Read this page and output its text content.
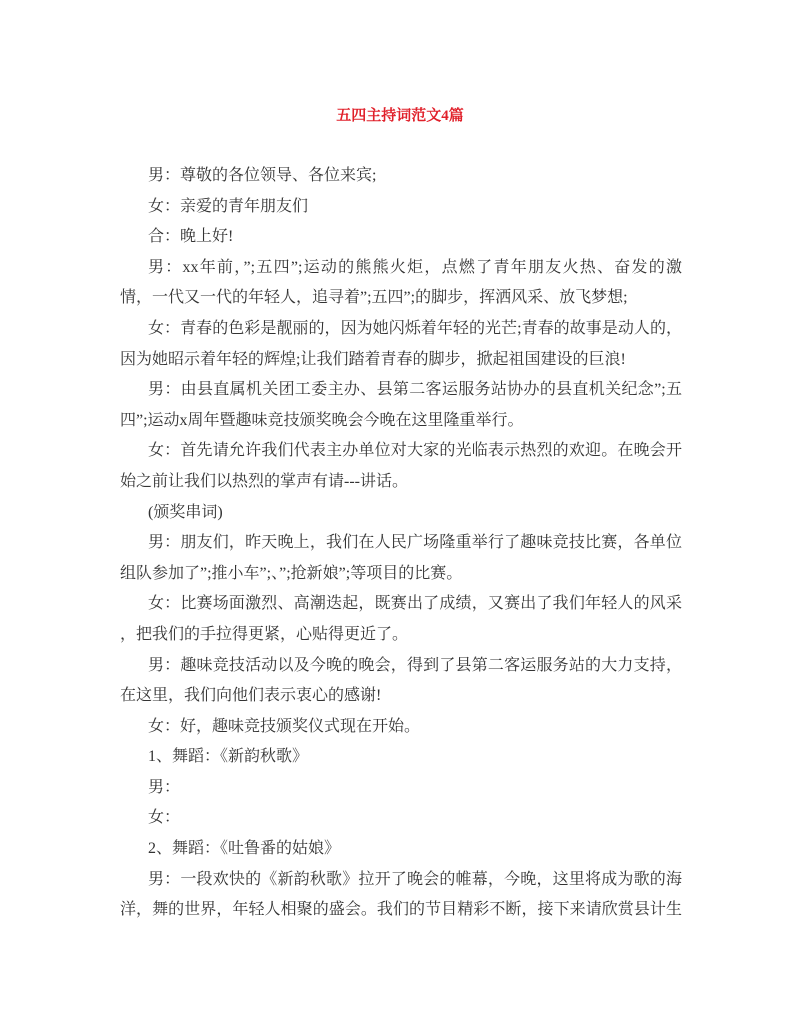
五四主持词范文4篇
男：尊敬的各位领导、各位来宾;
女：亲爱的青年朋友们
合：晚上好!
男：xx年前，”;五四”;运动的熊熊火炬，点燃了青年朋友火热、奋发的激
情，一代又一代的年轻人，追寻着”;五四”;的脚步，挥洒风采、放飞梦想;
女：青春的色彩是靓丽的，因为她闪烁着年轻的光芒;青春的故事是动人的，
因为她昭示着年轻的辉煌;让我们踏着青春的脚步，掀起祖国建设的巨浪!
男：由县直属机关团工委主办、县第二客运服务站协办的县直机关纪念”;五
四”;运动x周年暨趣味竞技颁奖晚会今晚在这里隆重举行。
女：首先请允许我们代表主办单位对大家的光临表示热烈的欢迎。在晚会开
始之前让我们以热烈的掌声有请---讲话。
(颁奖串词)
男：朋友们，昨天晚上，我们在人民广场隆重举行了趣味竞技比赛，各单位
组队参加了”;推小车”;、”;抢新娘”;等项目的比赛。
女：比赛场面激烈、高潮迭起，既赛出了成绩，又赛出了我们年轻人的风采
，把我们的手拉得更紧，心贴得更近了。
男：趣味竞技活动以及今晚的晚会，得到了县第二客运服务站的大力支持，
在这里，我们向他们表示衷心的感谢!
女：好，趣味竞技颁奖仪式现在开始。
1、舞蹈：《新韵秋歌》
男：
女：
2、舞蹈：《吐鲁番的姑娘》
男：一段欢快的《新韵秋歌》拉开了晚会的帷幕，今晚，这里将成为歌的海
洋，舞的世界，年轻人相聚的盛会。我们的节目精彩不断，接下来请欣赏县计生
